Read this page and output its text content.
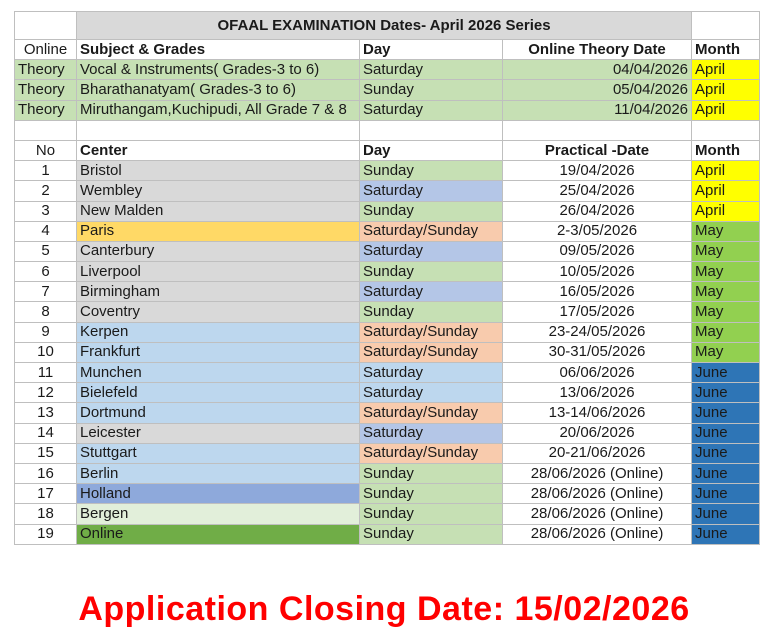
	OFAAL EXAMINATION Dates- April 2026 Series			
Online	Subject & Grades	Day	Online Theory Date	Month
Theory	Vocal & Instruments( Grades-3 to 6)	Saturday	04/04/2026	April
Theory	Bharathanatyam( Grades-3 to 6)	Sunday	05/04/2026	April
Theory	Miruthangam,Kuchipudi, All Grade 7 & 8	Saturday	11/04/2026	April

No	Center	Day	Practical -Date	Month
1	Bristol	Sunday	19/04/2026	April
2	Wembley	Saturday	25/04/2026	April
3	New Malden	Sunday	26/04/2026	April
4	Paris	Saturday/Sunday	2-3/05/2026	May
5	Canterbury	Saturday	09/05/2026	May
6	Liverpool	Sunday	10/05/2026	May
7	Birmingham	Saturday	16/05/2026	May
8	Coventry	Sunday	17/05/2026	May
9	Kerpen	Saturday/Sunday	23-24/05/2026	May
10	Frankfurt	Saturday/Sunday	30-31/05/2026	May
11	Munchen	Saturday	06/06/2026	June
12	Bielefeld	Saturday	13/06/2026	June
13	Dortmund	Saturday/Sunday	13-14/06/2026	June
14	Leicester	Saturday	20/06/2026	June
15	Stuttgart	Saturday/Sunday	20-21/06/2026	June
16	Berlin	Sunday	28/06/2026 (Online)	June
17	Holland	Sunday	28/06/2026 (Online)	June
18	Bergen	Sunday	28/06/2026 (Online)	June
19	Online	Sunday	28/06/2026 (Online)	June
Application Closing Date: 15/02/2026
